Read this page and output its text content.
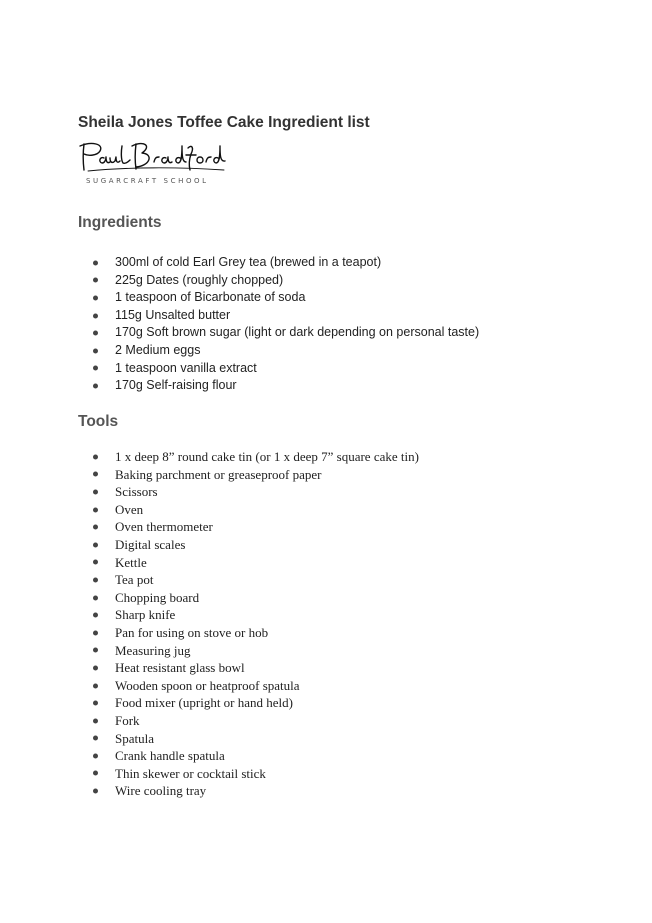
Sheila Jones Toffee Cake Ingredient list
SUGARCRAFT SCHOOL
Ingredients
300ml of cold Earl Grey tea (brewed in a teapot)
225g Dates (roughly chopped)
1 teaspoon of Bicarbonate of soda
115g Unsalted butter
170g Soft brown sugar (light or dark depending on personal taste)
2 Medium eggs
1 teaspoon vanilla extract
170g Self-raising flour
Tools
1 x deep 8” round cake tin (or 1 x deep 7” square cake tin)
Baking parchment or greaseproof paper
Scissors
Oven
Oven thermometer
Digital scales
Kettle
Tea pot
Chopping board
Sharp knife
Pan for using on stove or hob
Measuring jug
Heat resistant glass bowl
Wooden spoon or heatproof spatula
Food mixer (upright or hand held)
Fork
Spatula
Crank handle spatula
Thin skewer or cocktail stick
Wire cooling tray
